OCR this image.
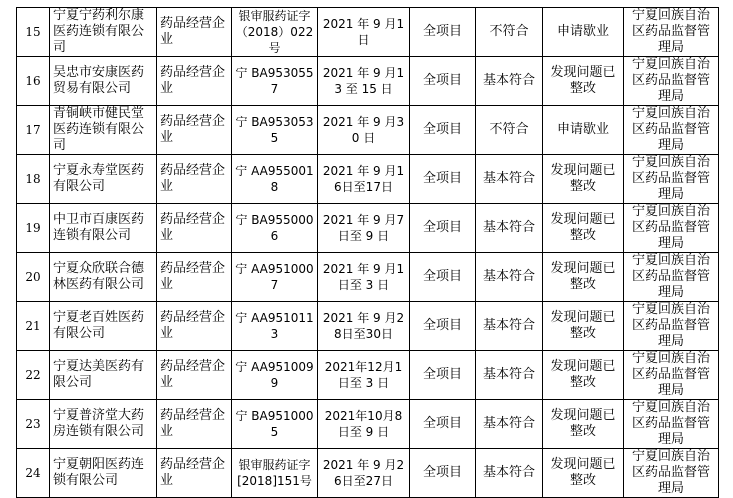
15	宁夏宁药利尔康医药连锁有限公司	药品经营企业	银审服药证字（2018）022号	2021 年 9 月1日	全项目	不符合	申请歇业	宁夏回族自治区药品监督管理局
16	吴忠市安康医药贸易有限公司	药品经营企业	宁 BA9530557	2021 年 9 月13 至 15 日	全项目	基本符合	发现问题已整改	宁夏回族自治区药品监督管理局
17	青铜峡市健民堂医药连锁有限公司	药品经营企业	宁 BA9530535	2021 年 9 月30 日	全项目	不符合	申请歇业	宁夏回族自治区药品监督管理局
18	宁夏永寿堂医药有限公司	药品经营企业	宁 AA9550018	2021 年 9 月16日至17日	全项目	基本符合	发现问题已整改	宁夏回族自治区药品监督管理局
19	中卫市百康医药连锁有限公司	药品经营企业	宁 BA9550006	2021 年 9 月7 日至 9 日	全项目	基本符合	发现问题已整改	宁夏回族自治区药品监督管理局
20	宁夏众欣联合德林医药有限公司	药品经营企业	宁 AA9510007	2021 年 9 月1 日至 3 日	全项目	基本符合	发现问题已整改	宁夏回族自治区药品监督管理局
21	宁夏老百姓医药有限公司	药品经营企业	宁 AA9510113	2021 年 9 月28日至30日	全项目	基本符合	发现问题已整改	宁夏回族自治区药品监督管理局
22	宁夏达美医药有限公司	药品经营企业	宁 AA9510099	2021年12月1 日至 3 日	全项目	基本符合	发现问题已整改	宁夏回族自治区药品监督管理局
23	宁夏普济堂大药房连锁有限公司	药品经营企业	宁 BA9510005	2021年10月8 日至 9 日	全项目	基本符合	发现问题已整改	宁夏回族自治区药品监督管理局
24	宁夏朝阳医药连锁有限公司	药品经营企业	银审服药证字[2018]151号	2021 年 9 月26日至27日	全项目	基本符合	发现问题已整改	宁夏回族自治区药品监督管理局
